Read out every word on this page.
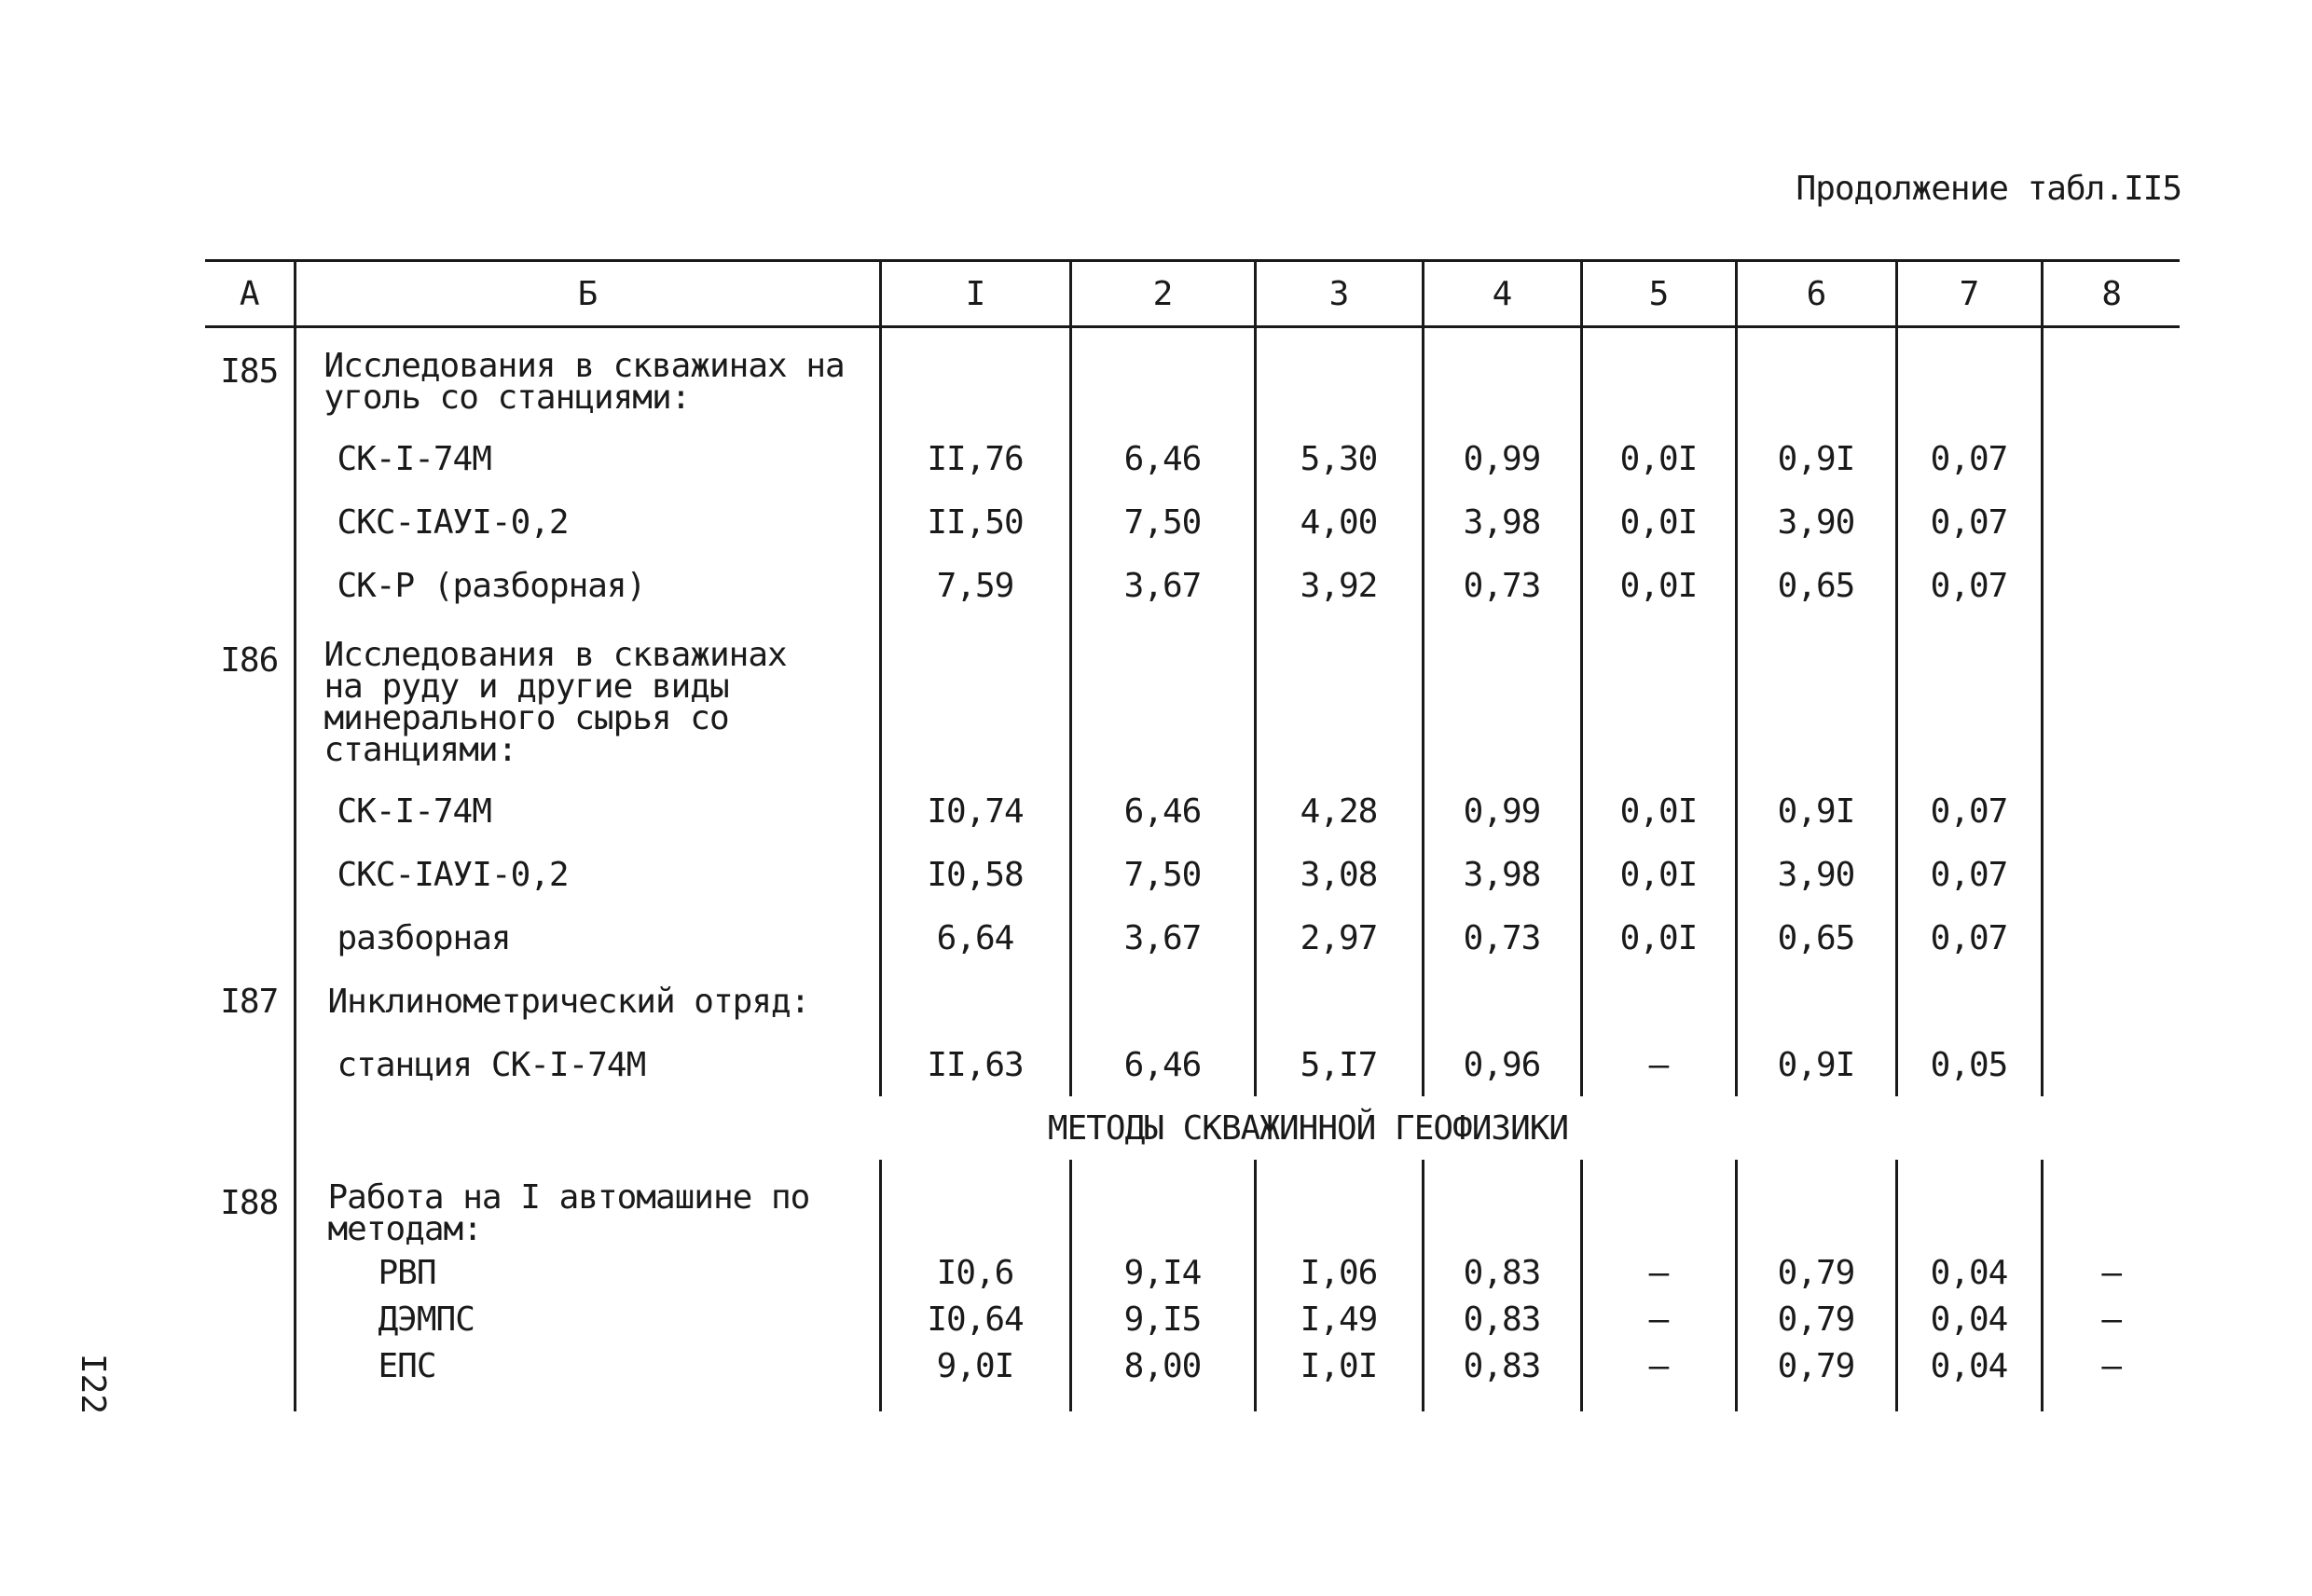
Продолжение табл.II5
А	Б	I	2	3	4	5	6	7	8

I85	Исследования в скважинах на уголь со станциями:								
	СК-I-74М	II,76	6,46	5,30	0,99	0,0I	0,9I	0,07	
	СКС-IАУI-0,2	II,50	7,50	4,00	3,98	0,0I	3,90	0,07	
	СК-Р (разборная)	7,59	3,67	3,92	0,73	0,0I	0,65	0,07	

I86	Исследования в скважинах на руду и другие виды минерального сырья со станциями:								
	СК-I-74М	I0,74	6,46	4,28	0,99	0,0I	0,9I	0,07	
	СКС-IАУI-0,2	I0,58	7,50	3,08	3,98	0,0I	3,90	0,07	
	разборная	6,64	3,67	2,97	0,73	0,0I	0,65	0,07	
I87	Инклинометрический отряд:								
	станция СК-I-74М	II,63	6,46	5,I7	0,96	–	0,9I	0,05	
		МЕТОДЫ СКВАЖИННОЙ ГЕОФИЗИКИ							

I88	Работа на I автомашине по методам:								
	РВП	I0,6	9,I4	I,06	0,83	–	0,79	0,04	–
	ДЭМПС	I0,64	9,I5	I,49	0,83	–	0,79	0,04	–
	ЕПС	9,0I	8,00	I,0I	0,83	–	0,79	0,04	–

I22
